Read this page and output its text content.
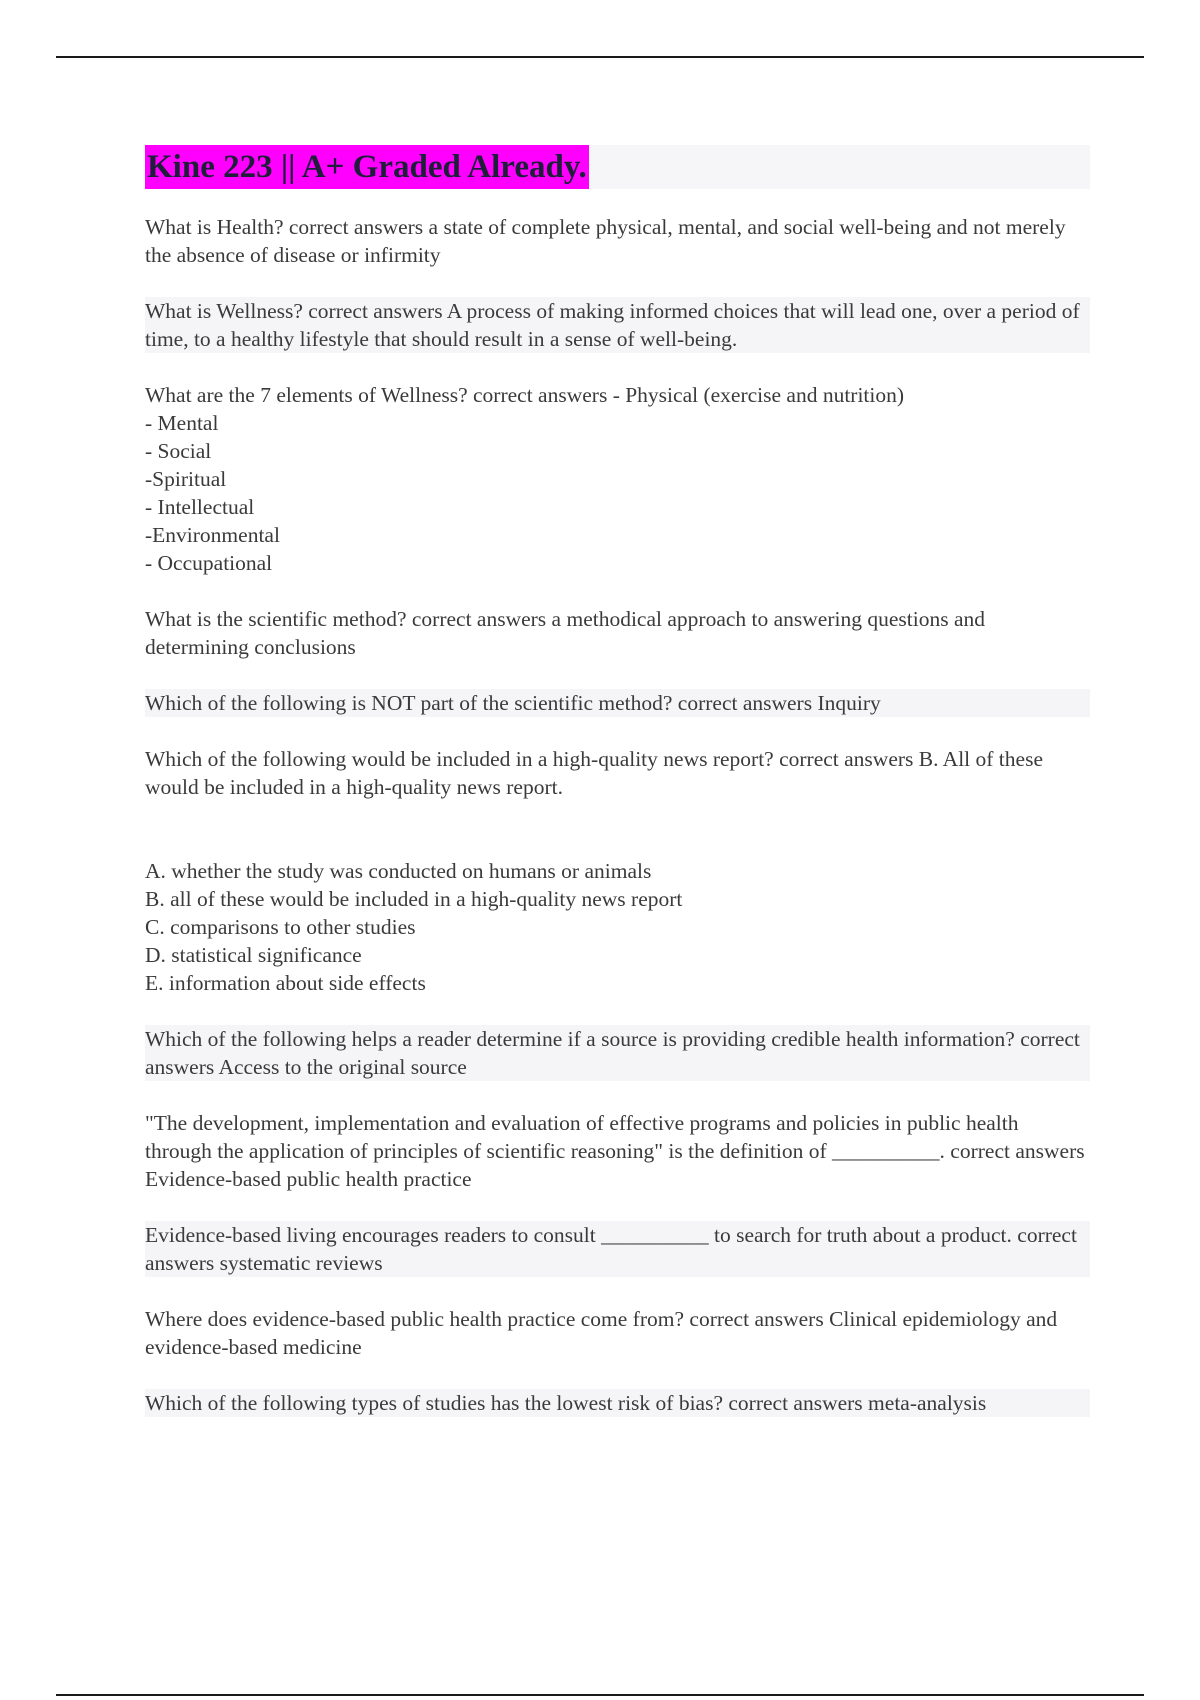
Kine 223 || A+ Graded Already.

What is Health? correct answers a state of complete physical, mental, and social well-being and not merely the absence of disease or infirmity

What is Wellness? correct answers A process of making informed choices that will lead one, over a period of time, to a healthy lifestyle that should result in a sense of well-being.

What are the 7 elements of Wellness? correct answers - Physical (exercise and nutrition)

- Mental

- Social

-Spiritual

- Intellectual

-Environmental

- Occupational

What is the scientific method? correct answers a methodical approach to answering questions and determining conclusions

Which of the following is NOT part of the scientific method? correct answers Inquiry

Which of the following would be included in a high-quality news report? correct answers B. All of these would be included in a high-quality news report.

A. whether the study was conducted on humans or animals
B. all of these would be included in a high-quality news report
C. comparisons to other studies
D. statistical significance
E. information about side effects

Which of the following helps a reader determine if a source is providing credible health information? correct answers Access to the original source

"The development, implementation and evaluation of effective programs and policies in public health through the application of principles of scientific reasoning" is the definition of __________. correct answers Evidence-based public health practice

Evidence-based living encourages readers to consult __________ to search for truth about a product. correct answers systematic reviews

Where does evidence-based public health practice come from? correct answers Clinical epidemiology and evidence-based medicine

Which of the following types of studies has the lowest risk of bias? correct answers meta-analysis
